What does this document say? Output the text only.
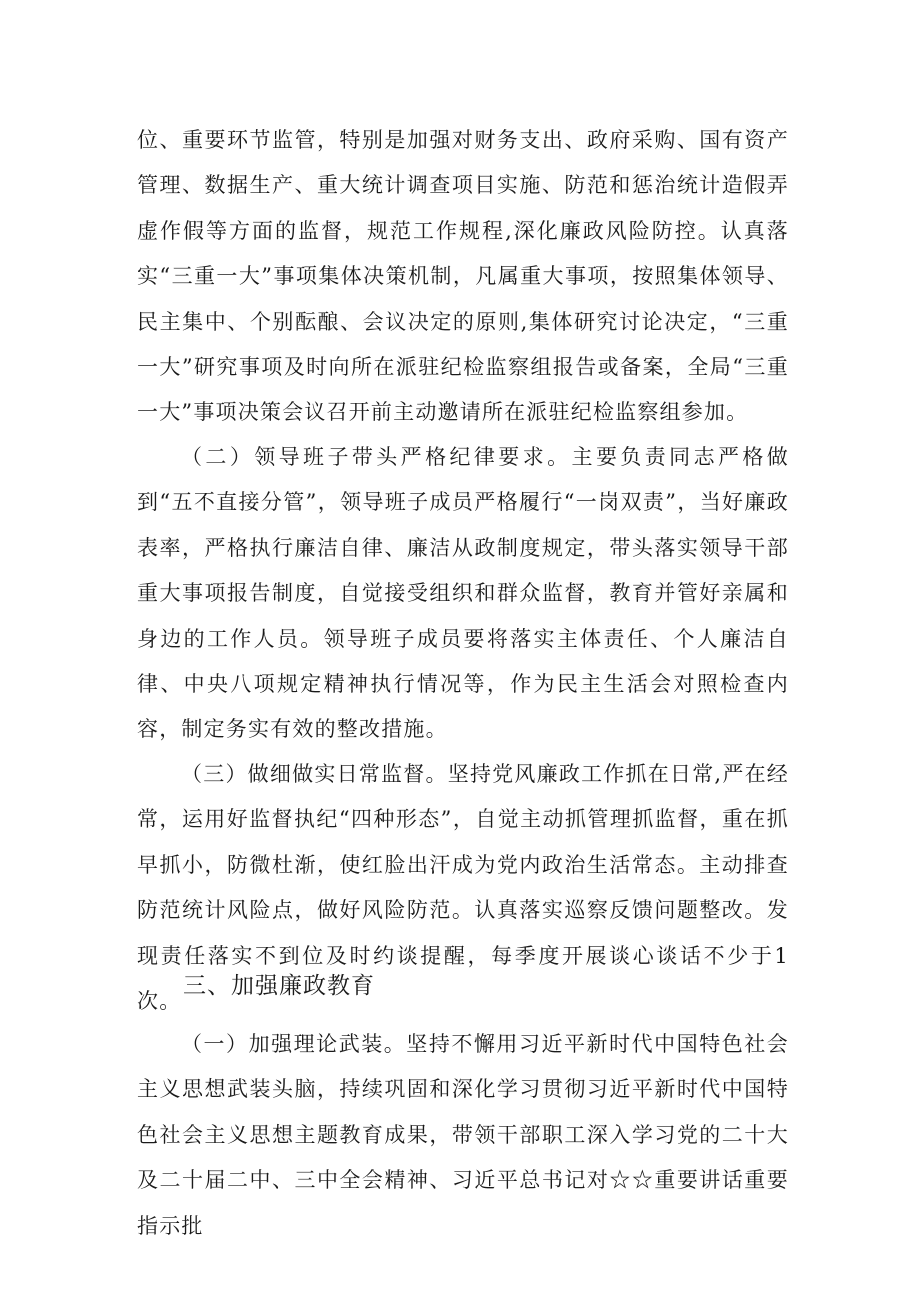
位、重要环节监管，特别是加强对财务支出、政府采购、国有资产管理、数据生产、重大统计调查项目实施、防范和惩治统计造假弄虚作假等方面的监督，规范工作规程,深化廉政风险防控。认真落实“三重一大”事项集体决策机制，凡属重大事项，按照集体领导、民主集中、个别酝酿、会议决定的原则,集体研究讨论决定，“三重一大”研究事项及时向所在派驻纪检监察组报告或备案，全局“三重一大”事项决策会议召开前主动邀请所在派驻纪检监察组参加。

（二）领导班子带头严格纪律要求。主要负责同志严格做到“五不直接分管”，领导班子成员严格履行“一岗双责”，当好廉政表率，严格执行廉洁自律、廉洁从政制度规定，带头落实领导干部重大事项报告制度，自觉接受组织和群众监督，教育并管好亲属和身边的工作人员。领导班子成员要将落实主体责任、个人廉洁自律、中央八项规定精神执行情况等，作为民主生活会对照检查内容，制定务实有效的整改措施。

（三）做细做实日常监督。坚持党风廉政工作抓在日常,严在经常，运用好监督执纪“四种形态”，自觉主动抓管理抓监督，重在抓早抓小，防微杜渐，使红脸出汗成为党内政治生活常态。主动排查防范统计风险点，做好风险防范。认真落实巡察反馈问题整改。发现责任落实不到位及时约谈提醒，每季度开展谈心谈话不少于1次。

三、加强廉政教育

（一）加强理论武装。坚持不懈用习近平新时代中国特色社会主义思想武装头脑，持续巩固和深化学习贯彻习近平新时代中国特色社会主义思想主题教育成果，带领干部职工深入学习党的二十大及二十届二中、三中全会精神、习近平总书记对☆☆重要讲话重要指示批
